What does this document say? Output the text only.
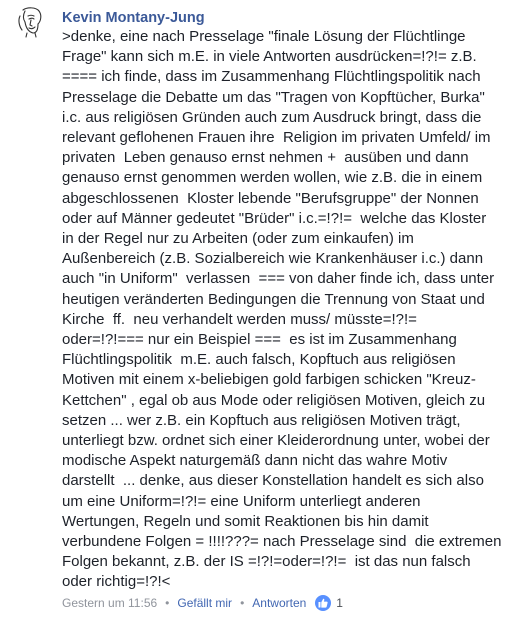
Kevin Montany-Jung
>denke, eine nach Presselage "finale Lösung der Flüchtlinge
Frage" kann sich m.E. in viele Antworten ausdrücken=!?!= z.B.
==== ich finde, dass im Zusammenhang Flüchtlingspolitik nach
Presselage die Debatte um das "Tragen von Kopftücher, Burka"
i.c. aus religiösen Gründen auch zum Ausdruck bringt, dass die
relevant geflohenen Frauen ihre  Religion im privaten Umfeld/ im
privaten  Leben genauso ernst nehmen +  ausüben und dann
genauso ernst genommen werden wollen, wie z.B. die in einem
abgeschlossenen  Kloster lebende "Berufsgruppe" der Nonnen
oder auf Männer gedeutet "Brüder" i.c.=!?!=  welche das Kloster
in der Regel nur zu Arbeiten (oder zum einkaufen) im
Außenbereich (z.B. Sozialbereich wie Krankenhäuser i.c.) dann
auch "in Uniform"  verlassen  === von daher finde ich, dass unter
heutigen veränderten Bedingungen die Trennung von Staat und
Kirche  ff.  neu verhandelt werden muss/ müsste=!?!=
oder=!?!=== nur ein Beispiel ===  es ist im Zusammenhang
Flüchtlingspolitik  m.E. auch falsch, Kopftuch aus religiösen
Motiven mit einem x-beliebigen gold farbigen schicken "Kreuz-
Kettchen" , egal ob aus Mode oder religiösen Motiven, gleich zu
setzen ... wer z.B. ein Kopftuch aus religiösen Motiven trägt,
unterliegt bzw. ordnet sich einer Kleiderordnung unter, wobei der
modische Aspekt naturgemäß dann nicht das wahre Motiv
darstellt  ... denke, aus dieser Konstellation handelt es sich also
um eine Uniform=!?!= eine Uniform unterliegt anderen
Wertungen, Regeln und somit Reaktionen bis hin damit
verbundene Folgen = !!!!???= nach Presselage sind  die extremen
Folgen bekannt, z.B. der IS =!?!=oder=!?!=  ist das nun falsch
oder richtig=!?!<
Gestern um 11:56 • Gefällt mir • Antworten	1
